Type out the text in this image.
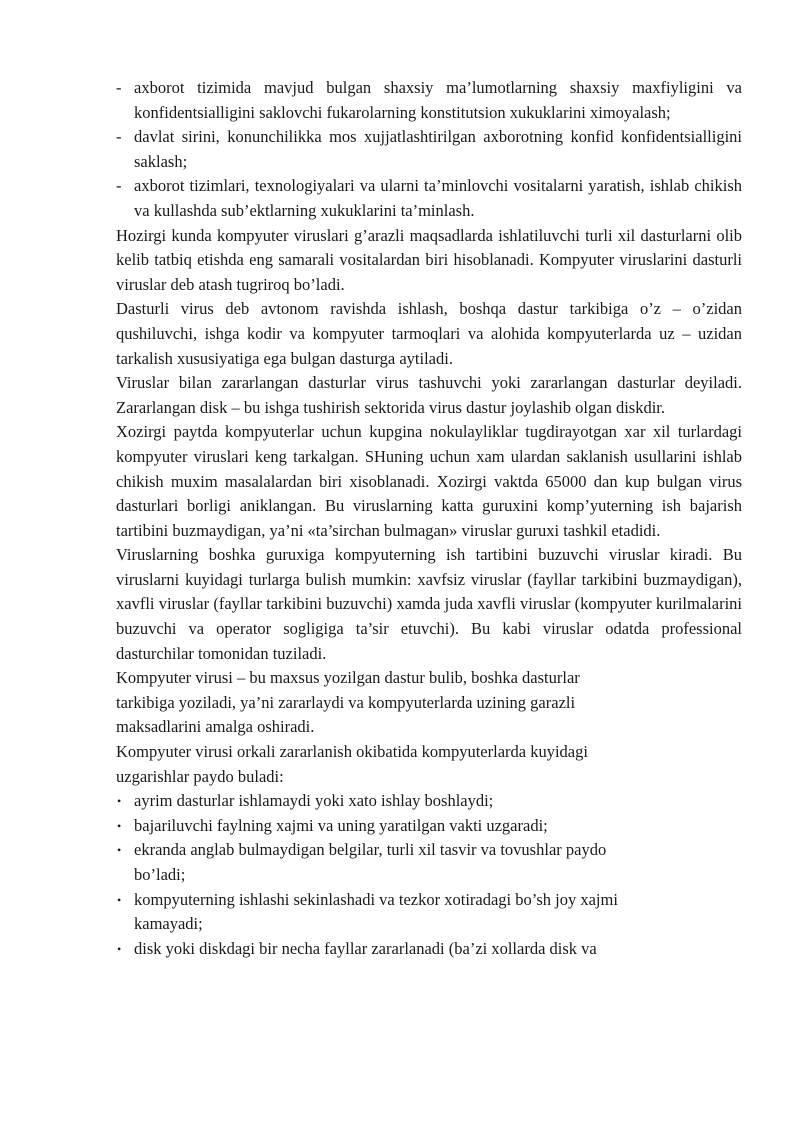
- axborot tizimida mavjud bulgan shaxsiy ma’lumotlarning shaxsiy maxfiyligini va konfidentsialligini saklovchi fukarolarning konstitutsion xukuklarini ximoyalash;
- davlat sirini, konunchilikka mos xujjatlashtirilgan axborotning konfid konfidentsialligini saklash;
- axborot tizimlari, texnologiyalari va ularni ta’minlovchi vositalarni yaratish, ishlab chikish va kullashda sub’ektlarning xukuklarini ta’minlash.

Hozirgi kunda kompyuter viruslari g’arazli maqsadlarda ishlatiluvchi turli xil dasturlarni olib kelib tatbiq etishda eng samarali vositalardan biri hisoblanadi. Kompyuter viruslarini dasturli viruslar deb atash tugriroq bo’ladi.

Dasturli virus deb avtonom ravishda ishlash, boshqa dastur tarkibiga o’z – o’zidan qushiluvchi, ishga kodir va kompyuter tarmoqlari va alohida kompyuterlarda uz – uzidan tarkalish xususiyatiga ega bulgan dasturga aytiladi.

Viruslar bilan zararlangan dasturlar virus tashuvchi yoki zararlangan dasturlar deyiladi. Zararlangan disk – bu ishga tushirish sektorida virus dastur joylashib olgan diskdir.

Xozirgi paytda kompyuterlar uchun kupgina nokulayliklar tugdirayotgan xar xil turlardagi kompyuter viruslari keng tarkalgan. SHuning uchun xam ulardan saklanish usullarini ishlab chikish muxim masalalardan biri xisoblanadi. Xozirgi vaktda 65000 dan kup bulgan virus dasturlari borligi aniklangan. Bu viruslarning katta guruxini komp’yuterning ish bajarish tartibini buzmaydigan, ya’ni «ta’sirchan bulmagan» viruslar guruxi tashkil etadidi.

Viruslarning boshka guruxiga kompyuterning ish tartibini buzuvchi viruslar kiradi. Bu viruslarni kuyidagi turlarga bulish mumkin: xavfsiz viruslar (fayllar tarkibini buzmaydigan), xavfli viruslar (fayllar tarkibini buzuvchi) xamda juda xavfli viruslar (kompyuter kurilmalarini buzuvchi va operator sogligiga ta’sir etuvchi). Bu kabi viruslar odatda professional dasturchilar tomonidan tuziladi.

Kompyuter virusi – bu maxsus yozilgan dastur bulib, boshka dasturlar
tarkibiga yoziladi, ya’ni zararlaydi va kompyuterlarda uzining garazli
maksadlarini amalga oshiradi.

Kompyuter virusi orkali zararlanish okibatida kompyuterlarda kuyidagi
uzgarishlar paydo buladi:

• ayrim dasturlar ishlamaydi yoki xato ishlay boshlaydi;
• bajariluvchi faylning xajmi va uning yaratilgan vakti uzgaradi;
• ekranda anglab bulmaydigan belgilar, turli xil tasvir va tovushlar paydo
bo’ladi;
• kompyuterning ishlashi sekinlashadi va tezkor xotiradagi bo’sh joy xajmi
kamayadi;
• disk yoki diskdagi bir necha fayllar zararlanadi (ba’zi xollarda disk va
